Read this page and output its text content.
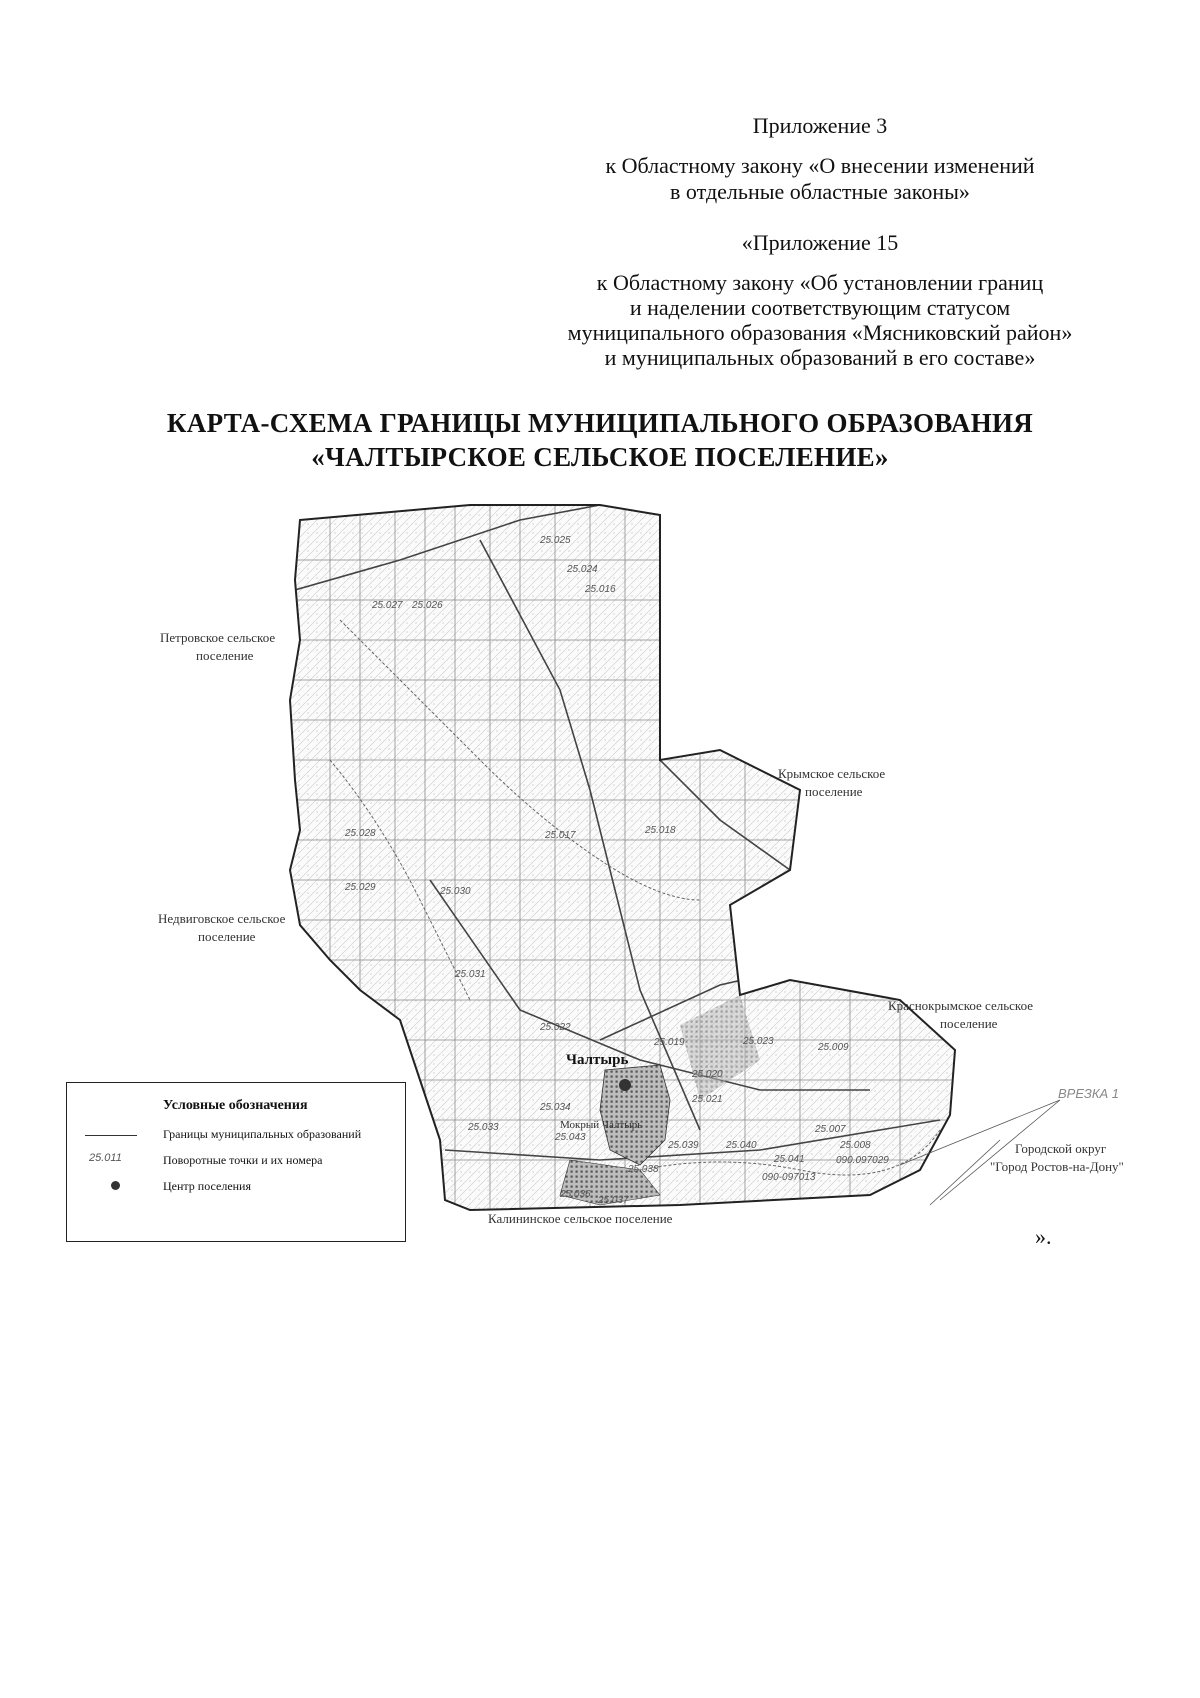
Приложение 3
к Областному закону «О внесении изменений
в отдельные областные законы»
«Приложение 15
к Областному закону «Об установлении границ
и наделении соответствующим статусом
муниципального образования «Мясниковский район»
и муниципальных образований в его составе»
КАРТА-СХЕМА ГРАНИЦЫ МУНИЦИПАЛЬНОГО ОБРАЗОВАНИЯ
«ЧАЛТЫРСКОЕ СЕЛЬСКОЕ ПОСЕЛЕНИЕ»
Петровское сельское
поселение
Крымское сельское
поселение
Недвиговское сельское
поселение
Краснокрымское сельское
поселение
Городской округ
"Город Ростов-на-Дону"
Калининское сельское поселение
ВРЕЗКА 1
Чалтырь
Мокрый Чалтырь
25.025
25.024
25.016
25.027 25.026
25.028	25.017	25.018
25.029	25.030
25.031
25.022
25.019	25.023
25.009
25.020
25.021
25.034
25.033
25.043
25.039	25.040
25.038
25.041
25.007
25.008
090.097029
25.036
25.037
090-097013
Условные обозначения
Границы муниципальных образований
25.011	Поворотные точки и их номера
Центр поселения
».
